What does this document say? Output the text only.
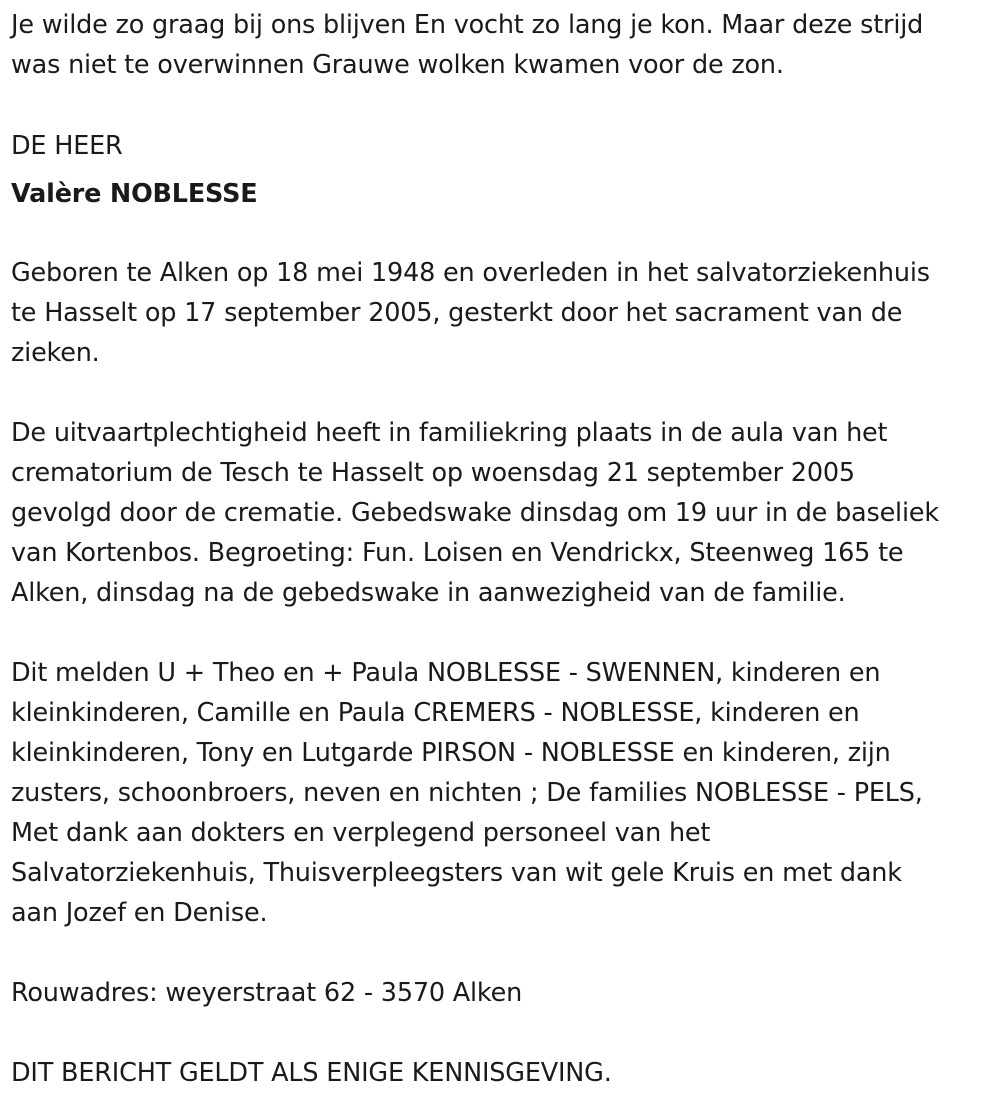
Je wilde zo graag bij ons blijven En vocht zo lang je kon. Maar deze strijd
was niet te overwinnen Grauwe wolken kwamen voor de zon.
DE HEER
Valère NOBLESSE
Geboren te Alken op 18 mei 1948 en overleden in het salvatorziekenhuis
te Hasselt op 17 september 2005, gesterkt door het sacrament van de
zieken.
De uitvaartplechtigheid heeft in familiekring plaats in de aula van het
crematorium de Tesch te Hasselt op woensdag 21 september 2005
gevolgd door de crematie. Gebedswake dinsdag om 19 uur in de baseliek
van Kortenbos. Begroeting: Fun. Loisen en Vendrickx, Steenweg 165 te
Alken, dinsdag na de gebedswake in aanwezigheid van de familie.
Dit melden U + Theo en + Paula NOBLESSE - SWENNEN, kinderen en
kleinkinderen, Camille en Paula CREMERS - NOBLESSE, kinderen en
kleinkinderen, Tony en Lutgarde PIRSON - NOBLESSE en kinderen, zijn
zusters, schoonbroers, neven en nichten ; De families NOBLESSE - PELS,
Met dank aan dokters en verplegend personeel van het
Salvatorziekenhuis, Thuisverpleegsters van wit gele Kruis en met dank
aan Jozef en Denise.
Rouwadres: weyerstraat 62 - 3570 Alken
DIT BERICHT GELDT ALS ENIGE KENNISGEVING.
